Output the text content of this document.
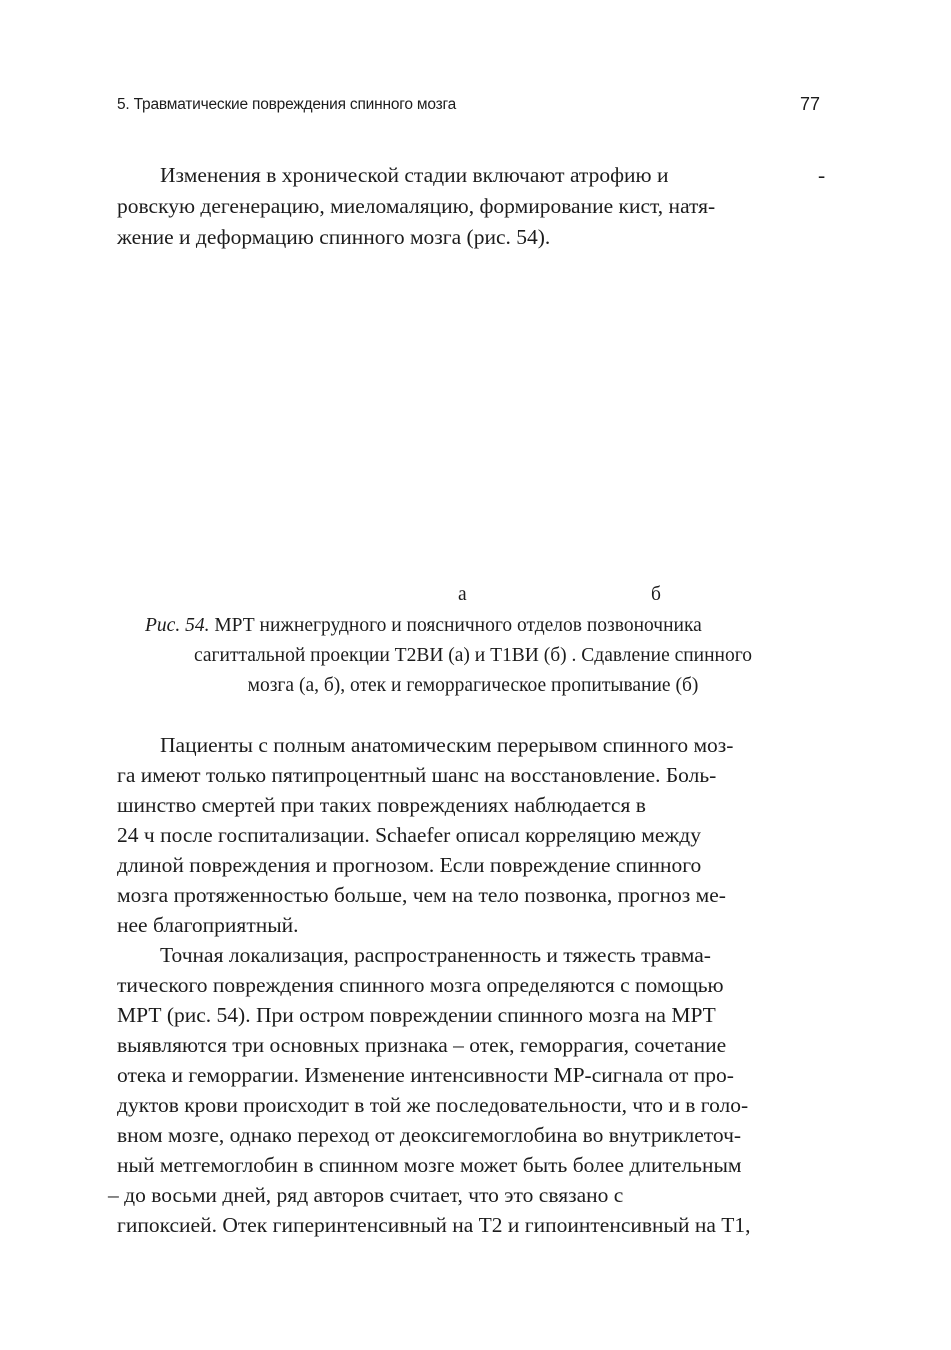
5. Травматические повреждения спинного мозга	77
Изменения в хронической стадии включают атрофию и	-
ровскую дегенерацию, миеломаляцию, формирование кист, натя-
жение и деформацию спинного мозга (рис. 54).
а	б
Рис. 54. МРТ нижнегрудного и поясничного отделов позвоночника
сагиттальной проекции Т2ВИ (а) и Т1ВИ (б) . Сдавление спинного
мозга (а, б), отек и геморрагическое пропитывание (б)
Пациенты с полным анатомическим перерывом спинного моз-
га имеют только пятипроцентный шанс на восстановление. Боль-
шинство смертей при таких повреждениях наблюдается в
24 ч после госпитализации. Schaefer описал корреляцию между
длиной повреждения и прогнозом. Если повреждение спинного
мозга протяженностью больше, чем на тело позвонка, прогноз ме-
нее благоприятный.
Точная локализация, распространенность и тяжесть травма-
тического повреждения спинного мозга определяются с помощью
МРТ (рис. 54). При остром повреждении спинного мозга на МРТ
выявляются три основных признака – отек, геморрагия, сочетание
отека и геморрагии. Изменение интенсивности МР-сигнала от про-
дуктов крови происходит в той же последовательности, что и в голо-
вном мозге, однако переход от деоксигемоглобина во внутриклеточ-
ный метгемоглобин в спинном мозге может быть более длительным
– до восьми дней, ряд авторов считает, что это связано с
гипоксией. Отек гиперинтенсивный на Т2 и гипоинтенсивный на Т1,
